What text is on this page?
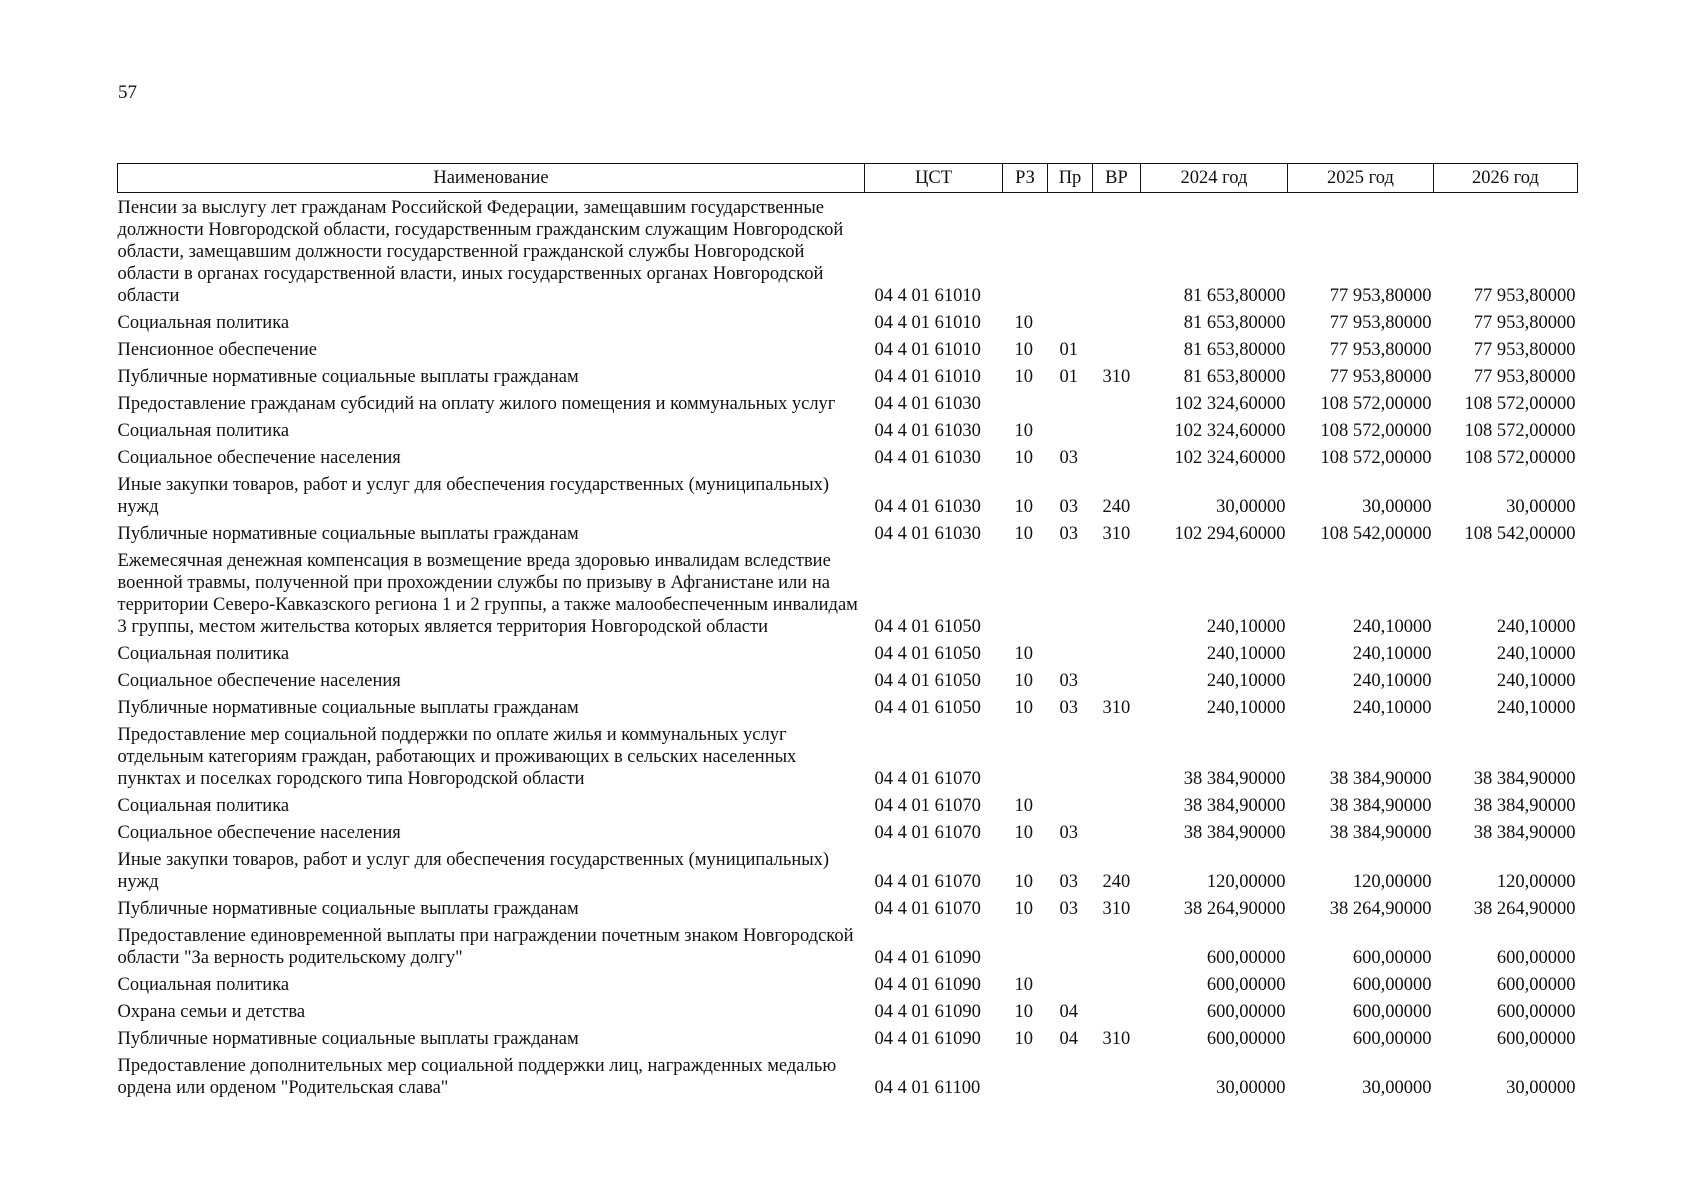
57
Наименование	ЦСТ	РЗ	Пр	ВР	2024 год	2025 год	2026 год
Пенсии за выслугу лет гражданам Российской Федерации, замещавшим государственные должности Новгородской области, государственным гражданским служащим Новгородской области, замещавшим должности государственной гражданской службы Новгородской области в органах государственной власти, иных государственных органах Новгородской области	04 4 01 61010				81 653,80000	77 953,80000	77 953,80000
Социальная политика	04 4 01 61010	10			81 653,80000	77 953,80000	77 953,80000
Пенсионное обеспечение	04 4 01 61010	10	01		81 653,80000	77 953,80000	77 953,80000
Публичные нормативные социальные выплаты гражданам	04 4 01 61010	10	01	310	81 653,80000	77 953,80000	77 953,80000
Предоставление гражданам субсидий на оплату жилого помещения и коммунальных услуг	04 4 01 61030				102 324,60000	108 572,00000	108 572,00000
Социальная политика	04 4 01 61030	10			102 324,60000	108 572,00000	108 572,00000
Социальное обеспечение населения	04 4 01 61030	10	03		102 324,60000	108 572,00000	108 572,00000
Иные закупки товаров, работ и услуг для обеспечения государственных (муниципальных) нужд	04 4 01 61030	10	03	240	30,00000	30,00000	30,00000
Публичные нормативные социальные выплаты гражданам	04 4 01 61030	10	03	310	102 294,60000	108 542,00000	108 542,00000
Ежемесячная денежная компенсация в возмещение вреда здоровью инвалидам вследствие военной травмы, полученной при прохождении службы по призыву в Афганистане или на территории Северо-Кавказского региона 1 и 2 группы, а также малообеспеченным инвалидам 3 группы, местом жительства которых является территория Новгородской области	04 4 01 61050				240,10000	240,10000	240,10000
Социальная политика	04 4 01 61050	10			240,10000	240,10000	240,10000
Социальное обеспечение населения	04 4 01 61050	10	03		240,10000	240,10000	240,10000
Публичные нормативные социальные выплаты гражданам	04 4 01 61050	10	03	310	240,10000	240,10000	240,10000
Предоставление мер социальной поддержки по оплате жилья и коммунальных услуг отдельным категориям граждан, работающих и проживающих в сельских населенных пунктах и поселках городского типа Новгородской области	04 4 01 61070				38 384,90000	38 384,90000	38 384,90000
Социальная политика	04 4 01 61070	10			38 384,90000	38 384,90000	38 384,90000
Социальное обеспечение населения	04 4 01 61070	10	03		38 384,90000	38 384,90000	38 384,90000
Иные закупки товаров, работ и услуг для обеспечения государственных (муниципальных) нужд	04 4 01 61070	10	03	240	120,00000	120,00000	120,00000
Публичные нормативные социальные выплаты гражданам	04 4 01 61070	10	03	310	38 264,90000	38 264,90000	38 264,90000
Предоставление единовременной выплаты при награждении почетным знаком Новгородской области "За верность родительскому долгу"	04 4 01 61090				600,00000	600,00000	600,00000
Социальная политика	04 4 01 61090	10			600,00000	600,00000	600,00000
Охрана семьи и детства	04 4 01 61090	10	04		600,00000	600,00000	600,00000
Публичные нормативные социальные выплаты гражданам	04 4 01 61090	10	04	310	600,00000	600,00000	600,00000
Предоставление дополнительных мер социальной поддержки лиц, награжденных медалью ордена или орденом "Родительская слава"	04 4 01 61100				30,00000	30,00000	30,00000
